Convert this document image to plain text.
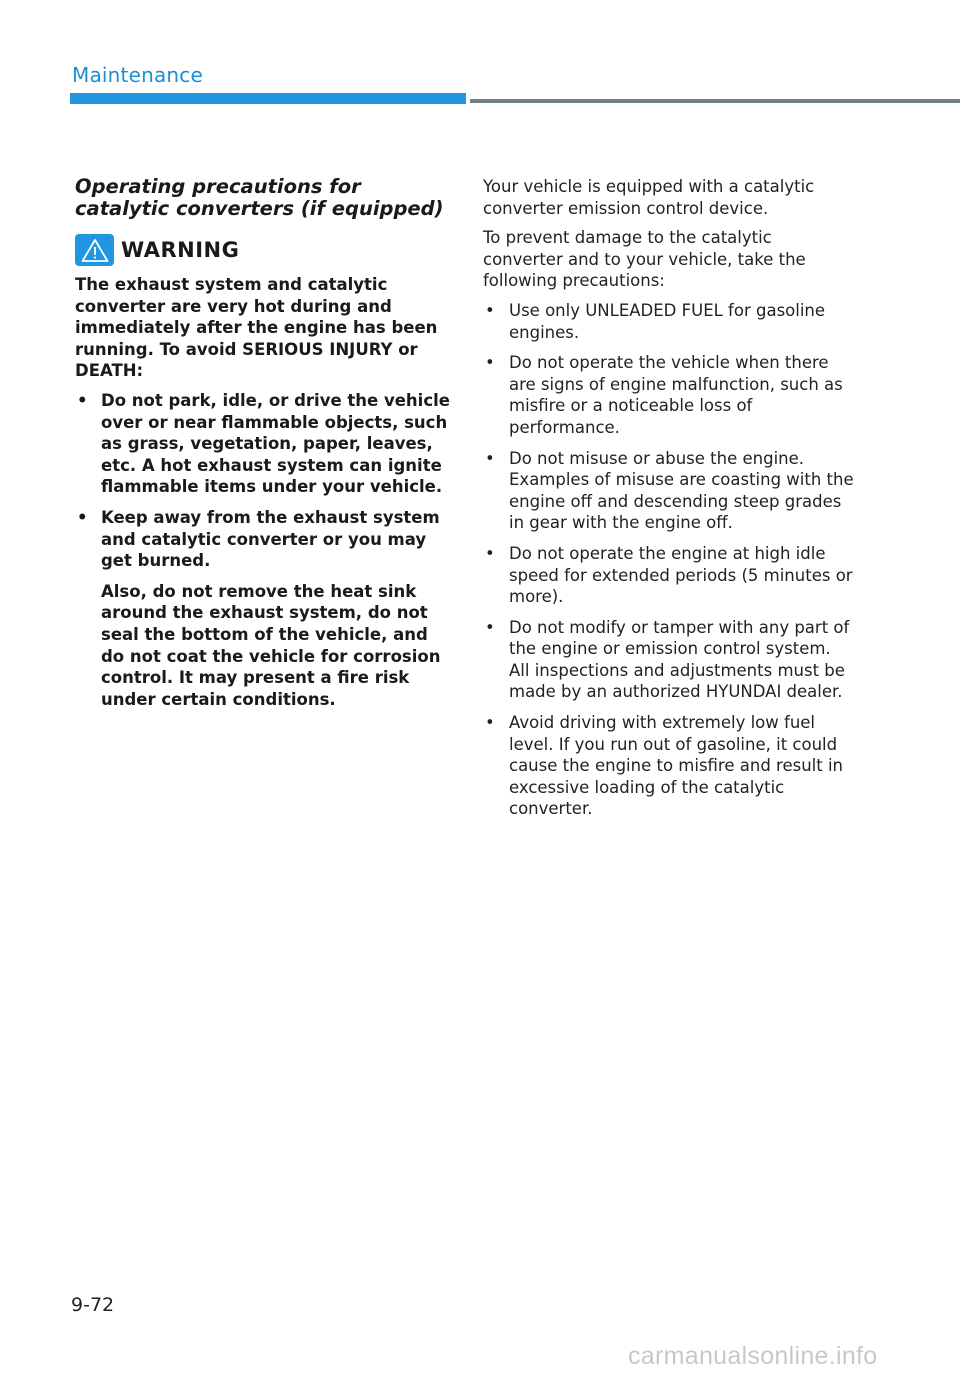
Maintenance
Operating precautions for catalytic converters (if equipped)
WARNING

The exhaust system and catalytic converter are very hot during and immediately after the engine has been running. To avoid SERIOUS INJURY or DEATH:

• Do not park, idle, or drive the vehicle over or near flammable objects, such as grass, vegetation, paper, leaves, etc. A hot exhaust system can ignite flammable items under your vehicle.

• Keep away from the exhaust system and catalytic converter or you may get burned.

Also, do not remove the heat sink around the exhaust system, do not seal the bottom of the vehicle, and do not coat the vehicle for corrosion control. It may present a fire risk under certain conditions.

Your vehicle is equipped with a catalytic converter emission control device.

To prevent damage to the catalytic converter and to your vehicle, take the following precautions:

• Use only UNLEADED FUEL for gasoline engines.
• Do not operate the vehicle when there are signs of engine malfunction, such as misfire or a noticeable loss of performance.
• Do not misuse or abuse the engine. Examples of misuse are coasting with the engine off and descending steep grades in gear with the engine off.
• Do not operate the engine at high idle speed for extended periods (5 minutes or more).
• Do not modify or tamper with any part of the engine or emission control system. All inspections and adjustments must be made by an authorized HYUNDAI dealer.
• Avoid driving with extremely low fuel level. If you run out of gasoline, it could cause the engine to misfire and result in excessive loading of the catalytic converter.
9-72
carmanualsonline.info
